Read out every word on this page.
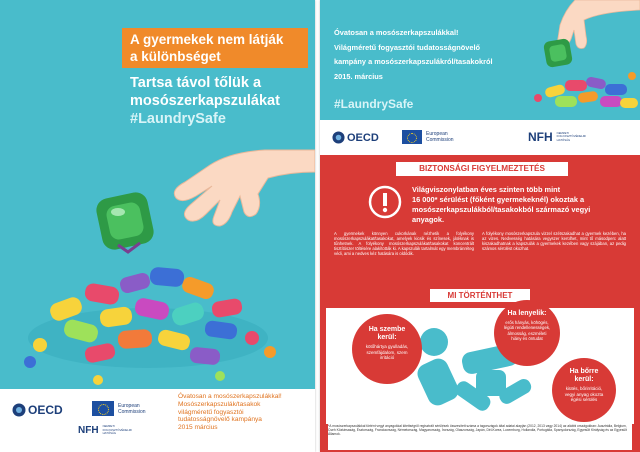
A gyermekek nem látják
a különbséget
Tartsa távol tőlük a
mosószerkapszulákat
#LaundrySafe
OECD	European
Commission
NFH NEMZETI FOGYASZTÓVÉDELMI HATÓSÁG
Óvatosan a mosószerkapszulákkal!
Mosószerkapszulák/tasakok
világméretű fogyasztói
tudatosságnövelő kampánya
2015 március
Óvatosan a mosószerkapszulákkal!
Világméretű fogyasztói tudatosságnövelő
kampány a mosószerkapszulákról/tasakokról
2015. március
#LaundrySafe
OECD	European
Commission	NFH NEMZETI FOGYASZTÓVÉDELMI HATÓSÁG
BIZTONSÁGI FIGYELMEZTETÉS
Világviszonylatban éves szinten több mint
16 000* sérülést (főként gyermekeknél) okoztak a
mosószerkapszulákból/tasakokból származó vegyi
anyagok.
A gyermekek könnyen cukorkának nézhetik a folyékony mosószerkapszulákat/tasakokat, amelyek kicsik és színesek, játéknak is tűnhetnek. A folyékony mosószerkapszulákat/tasakokat koncentrált tisztítószer töltésére alakították ki. A kapszulák tartalmát egy membránréteg védi, ami a nedves kéz hatására is oldódik.
A folyékony mosószerkapszula vizzel szétszakadhat a gyermek kezében, ha az vizes. Nedvesség hatására vegyszer kerülhet, mint tő másodperc alatt kiszakadhatnak a kapszulák a gyermekek kezében vagy szájában, az pedig számos sérülést okozhat.
MI TÖRTÉNTHET
Ha szembe
kerül:
kötőhártya gyulladás, szemfájdalom, szem irritáció
Ha lenyelik:
erős hányás, köhögés, légúti rendellenességek, álmosság, eszméleti hiány és öntudat
Ha bőrre
kerül:
kiütés, bőrirritáció, vegyi anyag okozta égési sérülés
*A mosószerkapszulákkal történt vegyi anyagokkal kitettségről regisztrált sérülések összesített száma a tagországok által adatai alapján (2012, 2013 vagy 2014) az alábbi országokban: Ausztrália, Belgium, Cseh Köztársaság, Észtország, Franciaország, Németország, Magyarország, Írország, Olaszország, Japán, Dél-Korea, Luxemburg, Hollandia, Portugália, Spanyolország, Egyesült Királyság és az Egyesült Államok.
